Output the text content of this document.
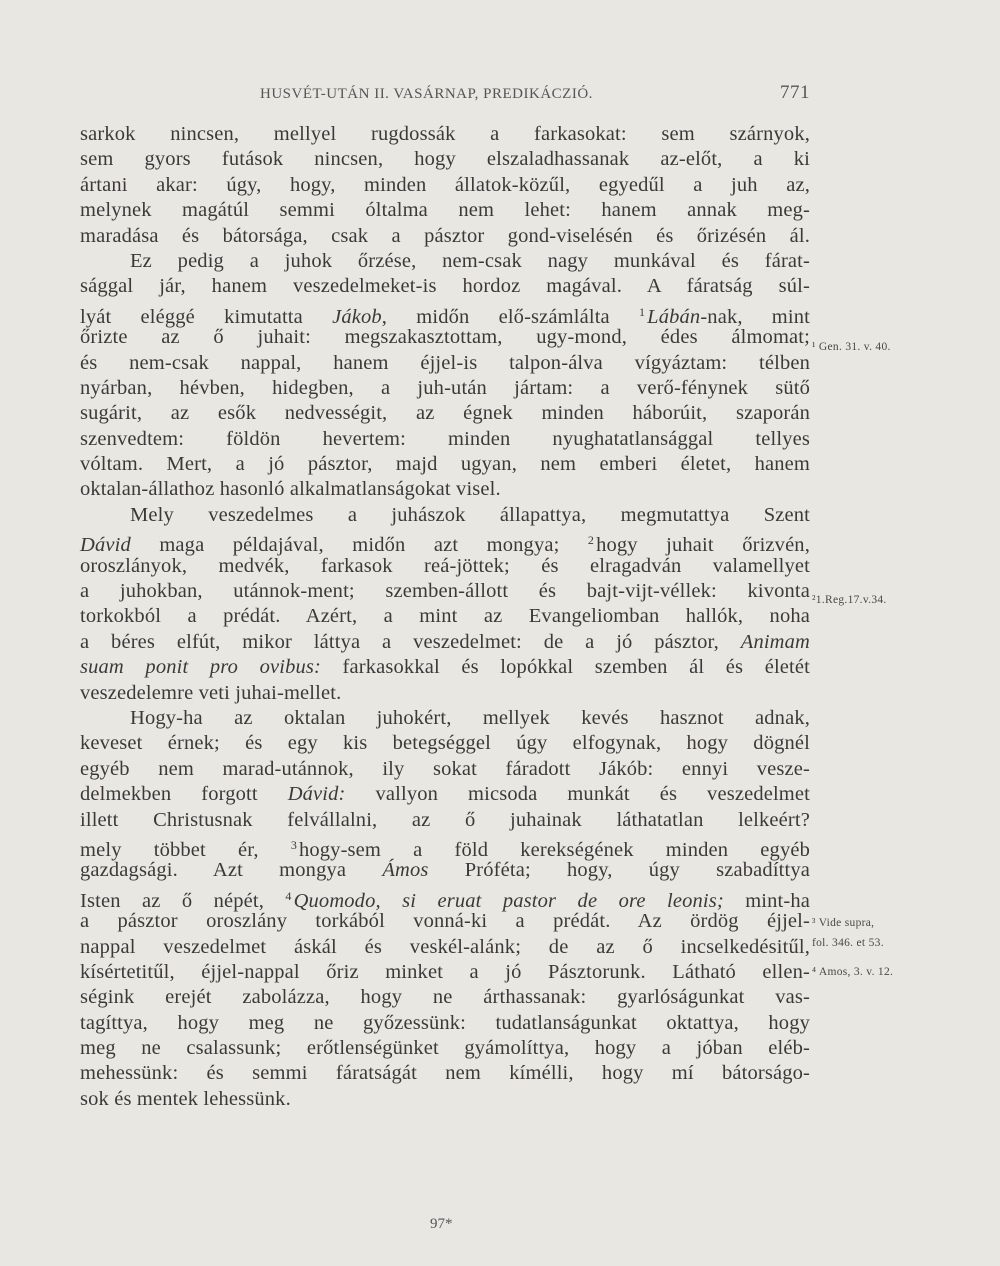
HUSVÉT-UTÁN II. VASÁRNAP, PREDIKÁCZIÓ.	771
sarkok nincsen, mellyel rugdossák a farkasokat: sem szárnyok,
sem gyors futások nincsen, hogy elszaladhassanak az-előt, a ki
ártani akar: úgy, hogy, minden állatok-közűl, egyedűl a juh az,
melynek magátúl semmi óltalma nem lehet: hanem annak meg-
maradása és bátorsága, csak a pásztor gond-viselésén és őrizésén ál.
Ez pedig a juhok őrzése, nem-csak nagy munkával és fárat-
sággal jár, hanem veszedelmeket-is hordoz magával. A fáratság súl-
lyát eléggé kimutatta Jákob, midőn elő-számlálta $^1$Lábán-nak, mint
őrizte az ő juhait: megszakasztottam, ugy-mond, édes álmomat;
és nem-csak nappal, hanem éjjel-is talpon-álva vígyáztam: télben
nyárban, hévben, hidegben, a juh-után jártam: a verő-fénynek sütő
sugárit, az esők nedvességit, az égnek minden háborúit, szaporán
szenvedtem: földön hevertem: minden nyughatatlansággal tellyes
vóltam. Mert, a jó pásztor, majd ugyan, nem emberi életet, hanem
oktalan-állathoz hasonló alkalmatlanságokat visel.
Mely veszedelmes a juhászok állapattya, megmutattya Szent
Dávid maga példajával, midőn azt mongya; $^2$hogy juhait őrizvén,
oroszlányok, medvék, farkasok reá-jöttek; és elragadván valamellyet
a juhokban, utánnok-ment; szemben-állott és bajt-vijt-véllek: kivonta
torkokból a prédát. Azért, a mint az Evangeliomban hallók, noha
a béres elfút, mikor láttya a veszedelmet: de a jó pásztor, Animam
suam ponit pro ovibus: farkasokkal és lopókkal szemben ál és életét
veszedelemre veti juhai-mellet.
Hogy-ha az oktalan juhokért, mellyek kevés hasznot adnak,
keveset érnek; és egy kis betegséggel úgy elfogynak, hogy dögnél
egyéb nem marad-utánnok, ily sokat fáradott Jákób: ennyi vesze-
delmekben forgott Dávid: vallyon micsoda munkát és veszedelmet
illett Christusnak felvállalni, az ő juhainak láthatatlan lelkeért?
mely többet ér, $^3$hogy-sem a föld kerekségének minden egyéb
gazdagsági. Azt mongya Ámos Próféta; hogy, úgy szabadíttya
Isten az ő népét, $^4$Quomodo, si eruat pastor de ore leonis; mint-ha
a pásztor oroszlány torkából vonná-ki a prédát. Az ördög éjjel-
nappal veszedelmet áskál és veskél-alánk; de az ő incselkedésitűl,
kísértetitűl, éjjel-nappal őriz minket a jó Pásztorunk. Látható ellen-
ségink erejét zabolázza, hogy ne árthassanak: gyarlóságunkat vas-
tagíttya, hogy meg ne győzessünk: tudatlanságunkat oktattya, hogy
meg ne csalassunk; erőtlenségünket gyámolíttya, hogy a jóban eléb-
mehessünk: és semmi fáratságát nem kímélli, hogy mí bátorságo-
sok és mentek lehessünk.
¹ Gen. 31. v. 40.
²1.Reg.17.v.34.
³ Vide supra,
fol. 346. et 53.
⁴ Amos, 3. v. 12.
97*
